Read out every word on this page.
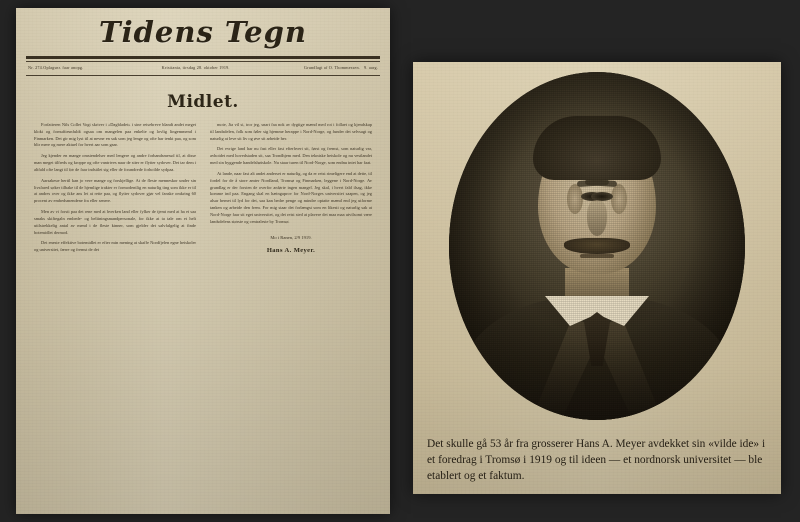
Tidens Tegn
Nr. 274. Oplagsnr. faar anopg.	Kristiania, tirsdag 28. oktober 1919.	Grundlagt af O. Thommessen. 9. aarg.
Midlet.

Forfatteren Nils Collet Vogt skriver i «Dagbladet» i sine reisebreve blandt andet meget kloki og fornuftiesnfuldt ogsaa om mangelen paa enkelte og lovlig lingemmend i Finmarken. Det gir mig lyst til at nevne en sak som jeg lenge og ofte har tenkt paa, og som blir mere og mere aktuel for hvert aar som gaar.

Jeg kjender en mange omstendelser med lengere og andre forhandsmessd til, at disse man meget tilfreds og kroppe og ofte vantrives naar de stter er flytter sydover. Det tar dem i altfald ofte langt til før de faar indstilet sig eller de forandrede forhoilde sydpaa.

Aarsakeue hertil kan jo vere mange og forskjellige. At de fleste menneskor under sin livsfared søker tilbake til de hjemlige trakter er formodentlig en naturlig ting som ikke er til at andres over og ikke ans let at rette paa, og flytter sydover gjør vel fanske omkring 60 procent av embedsmendene fra eller senere.

Men av vi forsti paa det rene med at hverken land eller fylker de tjemt med at ha et saa smaks skiftegaln embede- og beliiningsmandpersonale, for ikke at ta tale om et helt utilstrekkelig antal av mend i de fleste kinner, som gjelder det salvfalgelig at finde botemidlet dermod.

Det eneste effektive botemidlet er efter min mening at skaffe Nordfjelen egne heiskoler og universitet, færre og fremst de det

mote, Jia vil si, tror jeg, snart faa nok av dygtige mænd med rot i follaet og kjendskap til landsdelen, folk som føler sig hjemme herappe i Nord-Norge, og funder det selvsagt og naturlig at leve sit liv og øve sit arbeide her.

Det evrige land har nu fast eller fast efterhvert sit, først og fremst, som naturlig var, avhoidet med hovedstaden sit, saa Trondhjem med. Den tekniske heiskole og nu vestlandet med sin byggende handelshøiskole. Nu staar turen til Nord-Norge, som endnu intet har faat.

At lande, naar fast alt andet anderset er naturlig, og da er reist rimeligere end at dette, til fordel for de å store amter Nordland, Tromsø og Finmarken, leggene i Nord-Norge. Av grundlag er der forsten de overfor anførte ingen mangel. Jeg skal, i hvert fald ilsag, ikke komme ind paa. Engang skal en hæingaprov for Nord-Norges universitet saapen, og jeg alsar bernet til lyd for det, saa kan bedre penge og mindre optatte mænd end jeg utforme tanken og arbeide den frem. For mig staar det forlængst som en likesti og naturlig sak at Nord-Norge faar sit eget universitet, og det reist sted at plavere det maa maa utvilsomt være landsdelens største og centraleste by Tromsø.

Mo i Ranen, 2/9 1919.
Hans A. Meyer.
Det skulle gå 53 år fra grosserer Hans A. Meyer avdekket sin «vilde ide» i et foredrag i Tromsø i 1919 og til ideen — et nordnorsk universitet — ble etablert og et faktum.
